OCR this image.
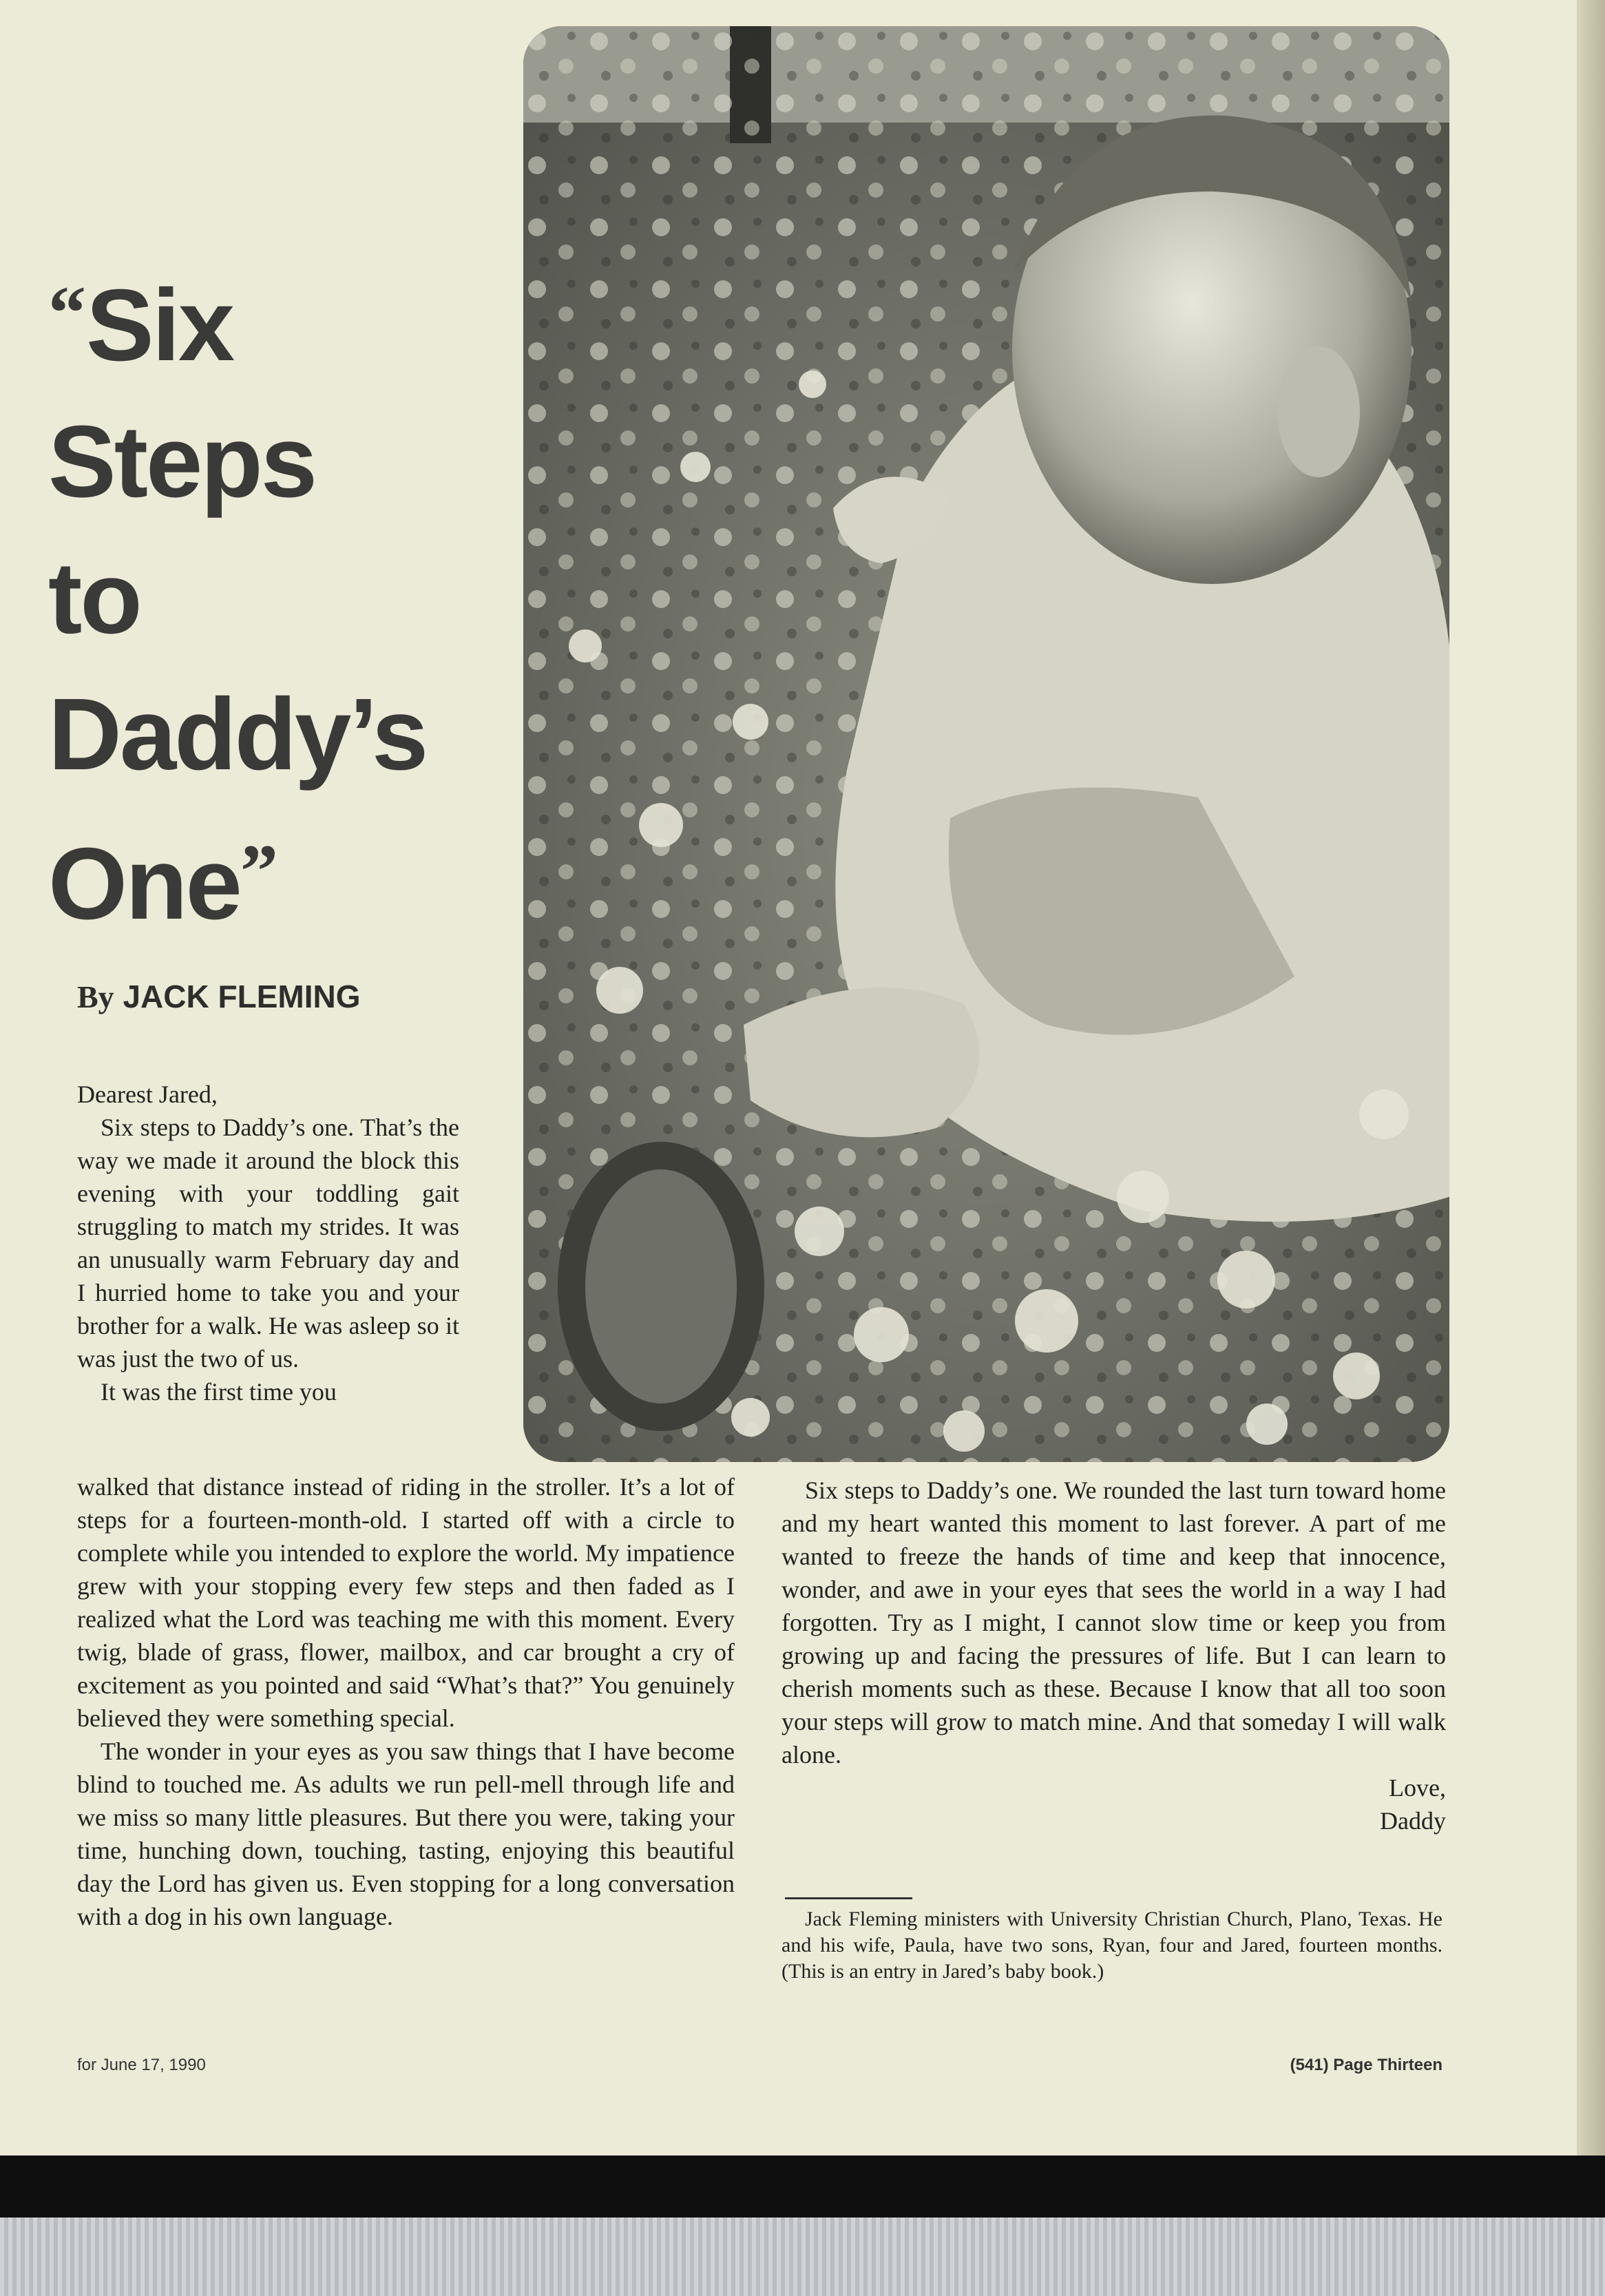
“Six
Steps
to
Daddy’s
One”
By JACK FLEMING

Dearest Jared,

Six steps to Daddy’s one. That’s the way we made it around the block this evening with your toddling gait struggling to match my strides. It was an unusually warm February day and I hurried home to take you and your brother for a walk. He was asleep so it was just the two of us.

It was the first time you

walked that distance instead of riding in the stroller. It’s a lot of steps for a fourteen-month-old. I started off with a circle to complete while you intended to explore the world. My impatience grew with your stopping every few steps and then faded as I realized what the Lord was teaching me with this moment. Every twig, blade of grass, flower, mailbox, and car brought a cry of excitement as you pointed and said “What’s that?” You genuinely believed they were something special.

The wonder in your eyes as you saw things that I have become blind to touched me. As adults we run pell-mell through life and we miss so many little pleasures. But there you were, taking your time, hunching down, touching, tasting, enjoying this beautiful day the Lord has given us. Even stopping for a long conversation with a dog in his own language.

Six steps to Daddy’s one. We rounded the last turn toward home and my heart wanted this moment to last forever. A part of me wanted to freeze the hands of time and keep that innocence, wonder, and awe in your eyes that sees the world in a way I had forgotten. Try as I might, I cannot slow time or keep you from growing up and facing the pressures of life. But I can learn to cherish moments such as these. Because I know that all too soon your steps will grow to match mine. And that someday I will walk alone.

Love,

Daddy

Jack Fleming ministers with University Christian Church, Plano, Texas. He and his wife, Paula, have two sons, Ryan, four and Jared, fourteen months. (This is an entry in Jared’s baby book.)

for June 17, 1990	(541) Page Thirteen
